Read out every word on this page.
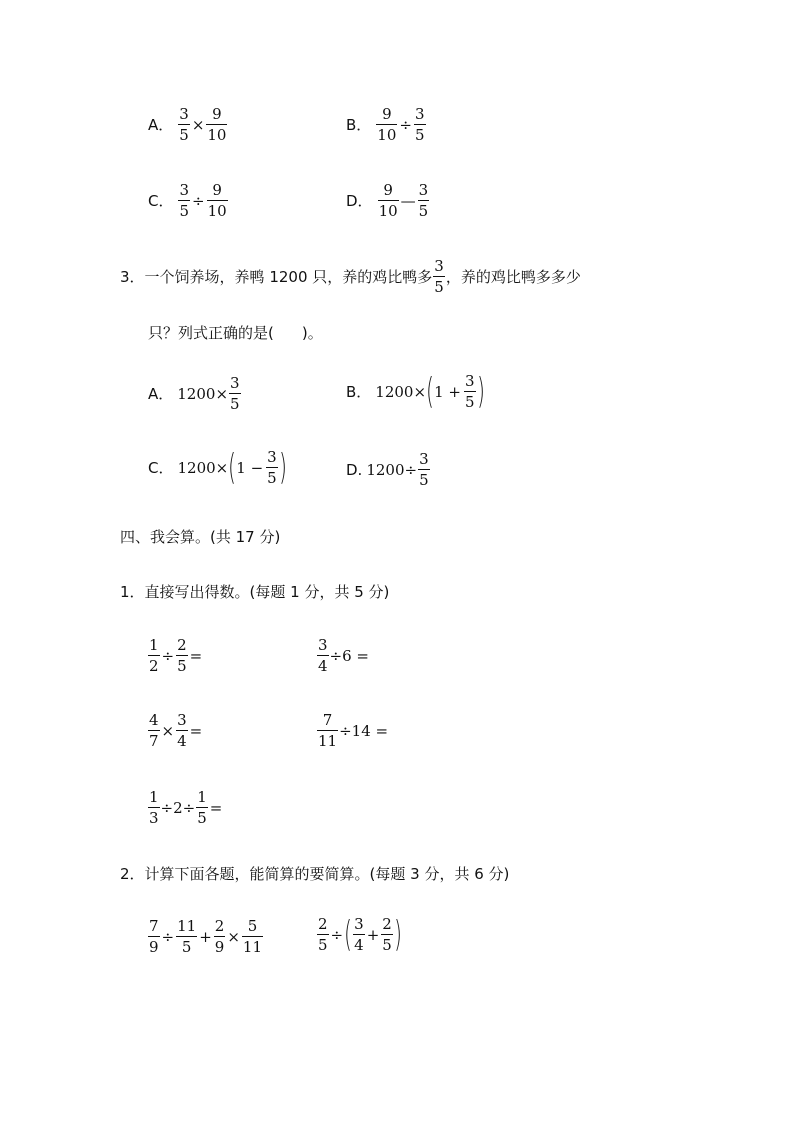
A． $\frac{3}{5} \times \frac{9}{10}$	B． $\frac{9}{10} \div \frac{3}{5}$
C． $\frac{3}{5} \div \frac{9}{10}$	D． $\frac{9}{10}$ — $\frac{3}{5}$
3． 一个饲养场，养鸭 1200 只，养的鸡比鸭多 $\frac{3}{5}$ ，养的鸡比鸭多多少
只？列式正确的是( )。
A． $1200\times \frac{3}{5}$	B． 1200× ( $1 + \frac{3}{5}$ )
C． 1200× ( $1 - \frac{3}{5}$ )	D. $1200\div \frac{3}{5}$
四、我会算。(共 17 分)
1．直接写出得数。(每题 1 分，共 5 分)
$\frac{1}{2} \div \frac{2}{5}$ =	$\frac{3}{4} \div 6$ =
$\frac{4}{7} \times \frac{3}{4}$ =	$\frac{7}{11} \div 14$ =
$\frac{1}{3} \div 2\div \frac{1}{5}$ =
2．计算下面各题，能简算的要简算。(每题 3 分，共 6 分)
$\frac{7}{9} \div \frac{11}{5} + \frac{2}{9} \times \frac{5}{11}$	$\frac{2}{5}$ ÷ ( $\frac{3}{4} + \frac{2}{5}$ )
